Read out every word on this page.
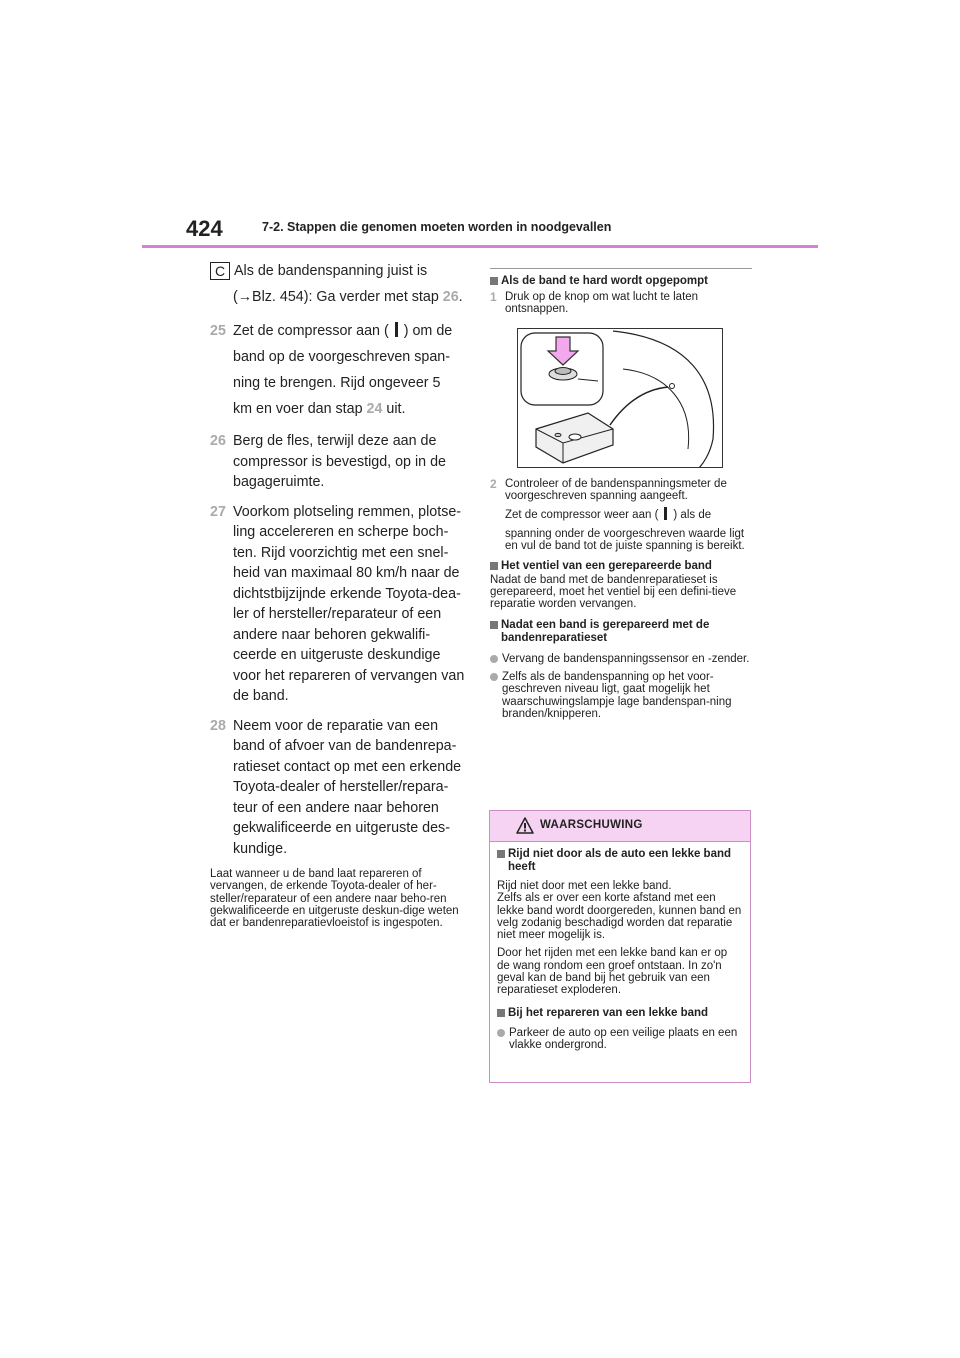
424	7-2. Stappen die genomen moeten worden in noodgevallen
C Als de bandenspanning juist is
(→Blz. 454): Ga verder met stap 26.
25 Zet de compressor aan ( ) om de
band op de voorgeschreven span-
ning te brengen. Rijd ongeveer 5
km en voer dan stap 24 uit.
26 Berg de fles, terwijl deze aan de compressor is bevestigd, op in de bagageruimte.
27 Voorkom plotseling remmen, plotse-ling accelereren en scherpe boch-ten. Rijd voorzichtig met een snel-heid van maximaal 80 km/h naar de dichtstbijzijnde erkende Toyota-dea-ler of hersteller/reparateur of een andere naar behoren gekwalifi-ceerde en uitgeruste deskundige voor het repareren of vervangen van de band.
28 Neem voor de reparatie van een band of afvoer van de bandenrepa-ratieset contact op met een erkende Toyota-dealer of hersteller/repara-teur of een andere naar behoren gekwalificeerde en uitgeruste des-kundige.
Laat wanneer u de band laat repareren of vervangen, de erkende Toyota-dealer of her-steller/reparateur of een andere naar beho-ren gekwalificeerde en uitgeruste deskun-dige weten dat er bandenreparatievloeistof is ingespoten.
Als de band te hard wordt opgepompt
1 Druk op de knop om wat lucht te laten ontsnappen.
2 Controleer of de bandenspanningsmeter de voorgeschreven spanning aangeeft.
Zet de compressor weer aan ( ) als de
spanning onder de voorgeschreven waarde ligt en vul de band tot de juiste spanning is bereikt.
Het ventiel van een gerepareerde band
Nadat de band met de bandenreparatieset is gerepareerd, moet het ventiel bij een defini-tieve reparatie worden vervangen.
Nadat een band is gerepareerd met de bandenreparatieset
Vervang de bandenspanningssensor en -zender.
Zelfs als de bandenspanning op het voor-geschreven niveau ligt, gaat mogelijk het waarschuwingslampje lage bandenspan-ning branden/knipperen.
WAARSCHUWING
Rijd niet door als de auto een lekke band heeft
Rijd niet door met een lekke band.
Zelfs als er over een korte afstand met een lekke band wordt doorgereden, kunnen band en velg zodanig beschadigd worden dat reparatie niet meer mogelijk is.
Door het rijden met een lekke band kan er op de wang rondom een groef ontstaan. In zo'n geval kan de band bij het gebruik van een reparatieset exploderen.
Bij het repareren van een lekke band
Parkeer de auto op een veilige plaats en een vlakke ondergrond.
